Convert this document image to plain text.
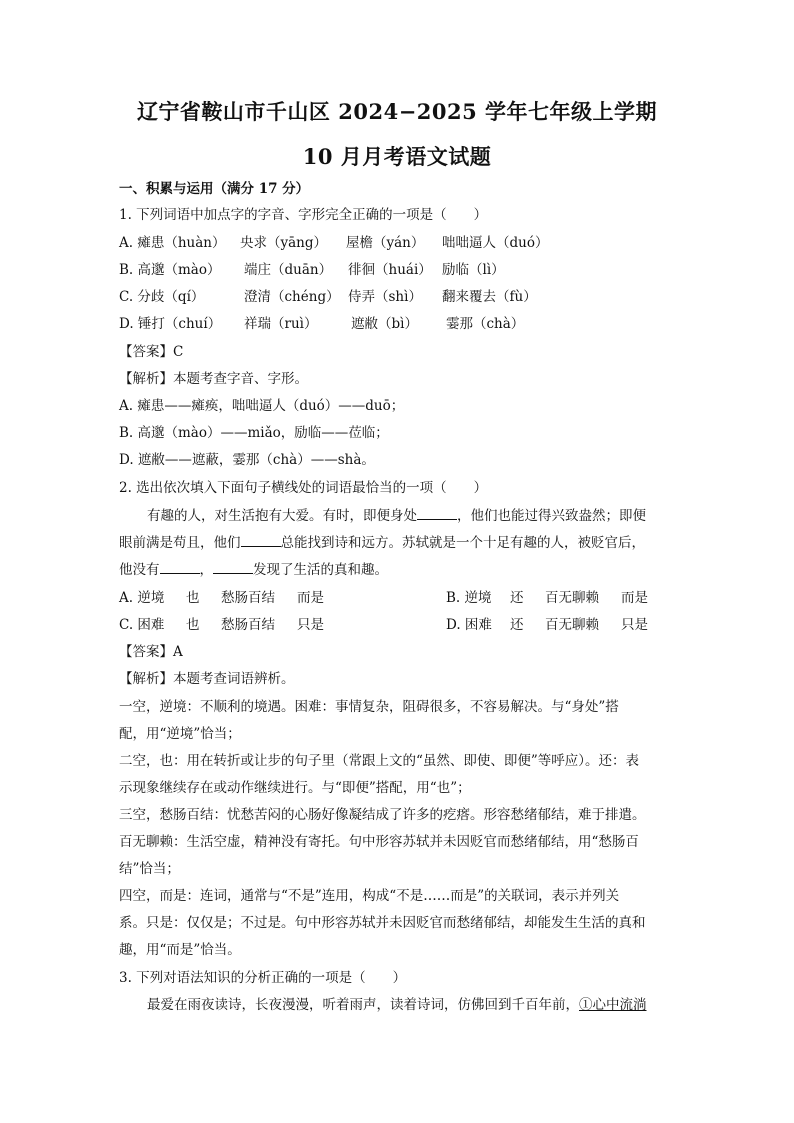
辽宁省鞍山市千山区 2024−2025 学年七年级上学期
10 月月考语文试题
一、积累与运用（满分 17 分）
1. 下列词语中加点字的字音、字形完全正确的一项是（　　）
A. 瘫患（huàn） 央求（yāng） 屋檐（yán） 咄咄逼人（duó）
B. 高邈（mào） 端庄（duān） 徘徊（huái） 励临（lì）
C. 分歧（qí）	澄清（chéng） 侍弄（shì） 翻来覆去（fù）
D. 锤打（chuí） 祥瑞（ruì） 遮敝（bì） 霎那（chà）
【答案】C
【解析】本题考查字音、字形。
A. 瘫患——瘫痪，咄咄逼人（duó）——duō；
B. 高邈（mào）——miǎo，励临——莅临；
D. 遮敝——遮蔽，霎那（chà）——shà。
2. 选出依次填入下面句子横线处的词语最恰当的一项（　　）
有趣的人，对生活抱有大爱。有时，即便身处	，他们也能过得兴致盎然；即便
眼前满是苟且，他们	总能找到诗和远方。苏轼就是一个十足有趣的人，被贬官后，
他没有	，	发现了生活的真和趣。
A. 逆境 也 愁肠百结 而是	B. 逆境 还 百无聊赖 而是
C. 困难 也 愁肠百结 只是	D. 困难 还 百无聊赖 只是
【答案】A
【解析】本题考查词语辨析。
一空，逆境：不顺利的境遇。困难：事情复杂，阻碍很多，不容易解决。与“身处”搭
配，用“逆境”恰当；
二空，也：用在转折或让步的句子里（常跟上文的“虽然、即使、即便”等呼应）。还：表
示现象继续存在或动作继续进行。与“即便”搭配，用“也”；
三空，愁肠百结：忧愁苦闷的心肠好像凝结成了许多的疙瘩。形容愁绪郁结，难于排遣。
百无聊赖：生活空虚，精神没有寄托。句中形容苏轼并未因贬官而愁绪郁结，用“愁肠百
结”恰当；
四空，而是：连词，通常与“不是”连用，构成“不是……而是”的关联词，表示并列关
系。只是：仅仅是；不过是。句中形容苏轼并未因贬官而愁绪郁结，却能发生生活的真和
趣，用“而是”恰当。
3. 下列对语法知识的分析正确的一项是（　　）
最爱在雨夜读诗，长夜漫漫，听着雨声，读着诗词，仿佛回到千百年前，①心中流淌
